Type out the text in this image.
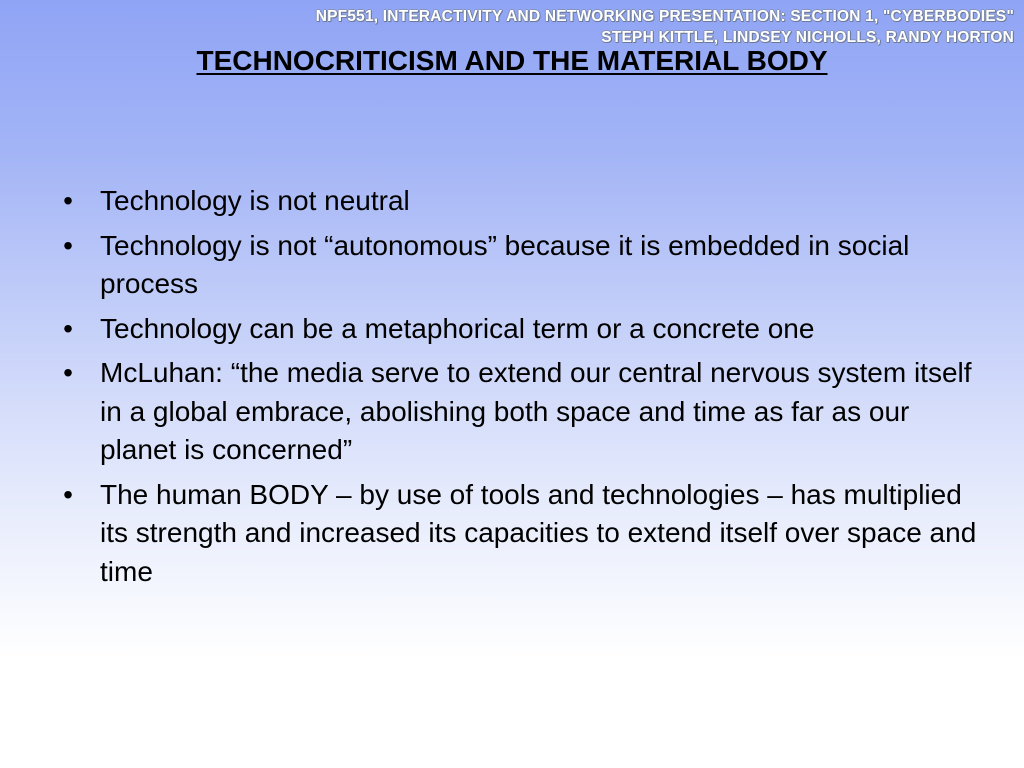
NPF551, INTERACTIVITY AND NETWORKING PRESENTATION: SECTION 1, "CYBERBODIES"
STEPH KITTLE, LINDSEY NICHOLLS, RANDY HORTON
TECHNOCRITICISM AND THE MATERIAL BODY
• Technology is not neutral
• Technology is not “autonomous” because it is embedded in social process
• Technology can be a metaphorical term or a concrete one
• McLuhan: “the media serve to extend our central nervous system itself in a global embrace, abolishing both space and time as far as our planet is concerned”
• The human BODY – by use of tools and technologies – has multiplied its strength and increased its capacities to extend itself over space and time
